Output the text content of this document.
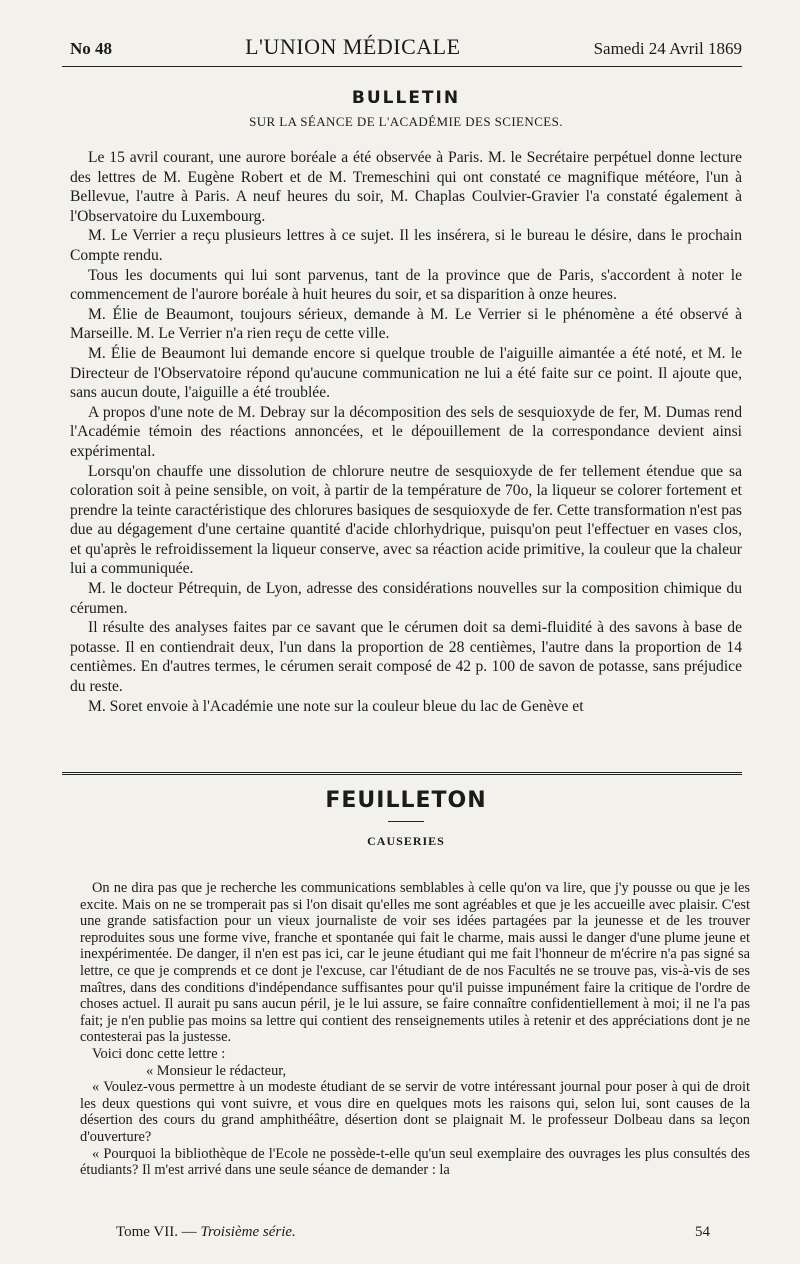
No 48	L'UNION MÉDICALE	Samedi 24 Avril 1869
BULLETIN
SUR LA SÉANCE DE L'ACADÉMIE DES SCIENCES.

Le 15 avril courant, une aurore boréale a été observée à Paris. M. le Secrétaire perpétuel donne lecture des lettres de M. Eugène Robert et de M. Tremeschini qui ont constaté ce magnifique météore, l'un à Bellevue, l'autre à Paris. A neuf heures du soir, M. Chaplas Coulvier-Gravier l'a constaté également à l'Observatoire du Luxembourg.

M. Le Verrier a reçu plusieurs lettres à ce sujet. Il les insérera, si le bureau le désire, dans le prochain Compte rendu.

Tous les documents qui lui sont parvenus, tant de la province que de Paris, s'accordent à noter le commencement de l'aurore boréale à huit heures du soir, et sa disparition à onze heures.

M. Élie de Beaumont, toujours sérieux, demande à M. Le Verrier si le phénomène a été observé à Marseille. M. Le Verrier n'a rien reçu de cette ville.

M. Élie de Beaumont lui demande encore si quelque trouble de l'aiguille aimantée a été noté, et M. le Directeur de l'Observatoire répond qu'aucune communication ne lui a été faite sur ce point. Il ajoute que, sans aucun doute, l'aiguille a été troublée.

A propos d'une note de M. Debray sur la décomposition des sels de sesquioxyde de fer, M. Dumas rend l'Académie témoin des réactions annoncées, et le dépouillement de la correspondance devient ainsi expérimental.

Lorsqu'on chauffe une dissolution de chlorure neutre de sesquioxyde de fer tellement étendue que sa coloration soit à peine sensible, on voit, à partir de la température de 70o, la liqueur se colorer fortement et prendre la teinte caractéristique des chlorures basiques de sesquioxyde de fer. Cette transformation n'est pas due au dégagement d'une certaine quantité d'acide chlorhydrique, puisqu'on peut l'effectuer en vases clos, et qu'après le refroidissement la liqueur conserve, avec sa réaction acide primitive, la couleur que la chaleur lui a communiquée.

M. le docteur Pétrequin, de Lyon, adresse des considérations nouvelles sur la composition chimique du cérumen.

Il résulte des analyses faites par ce savant que le cérumen doit sa demi-fluidité à des savons à base de potasse. Il en contiendrait deux, l'un dans la proportion de 28 centièmes, l'autre dans la proportion de 14 centièmes. En d'autres termes, le cérumen serait composé de 42 p. 100 de savon de potasse, sans préjudice du reste.

M. Soret envoie à l'Académie une note sur la couleur bleue du lac de Genève et

FEUILLETON
CAUSERIES

On ne dira pas que je recherche les communications semblables à celle qu'on va lire, que j'y pousse ou que je les excite. Mais on ne se tromperait pas si l'on disait qu'elles me sont agréables et que je les accueille avec plaisir. C'est une grande satisfaction pour un vieux journaliste de voir ses idées partagées par la jeunesse et de les trouver reproduites sous une forme vive, franche et spontanée qui fait le charme, mais aussi le danger d'une plume jeune et inexpérimentée. De danger, il n'en est pas ici, car le jeune étudiant qui me fait l'honneur de m'écrire n'a pas signé sa lettre, ce que je comprends et ce dont je l'excuse, car l'étudiant de de nos Facultés ne se trouve pas, vis-à-vis de ses maîtres, dans des conditions d'indépendance suffisantes pour qu'il puisse impunément faire la critique de l'ordre de choses actuel. Il aurait pu sans aucun péril, je le lui assure, se faire connaître confidentiellement à moi; il ne l'a pas fait; je n'en publie pas moins sa lettre qui contient des renseignements utiles à retenir et des appréciations dont je ne contesterai pas la justesse.

Voici donc cette lettre :

« Monsieur le rédacteur,

« Voulez-vous permettre à un modeste étudiant de se servir de votre intéressant journal pour poser à qui de droit les deux questions qui vont suivre, et vous dire en quelques mots les raisons qui, selon lui, sont causes de la désertion des cours du grand amphithéâtre, désertion dont se plaignait M. le professeur Dolbeau dans sa leçon d'ouverture?

« Pourquoi la bibliothèque de l'Ecole ne possède-t-elle qu'un seul exemplaire des ouvrages les plus consultés des étudiants? Il m'est arrivé dans une seule séance de demander : la

Tome VII. — Troisième série.	54
